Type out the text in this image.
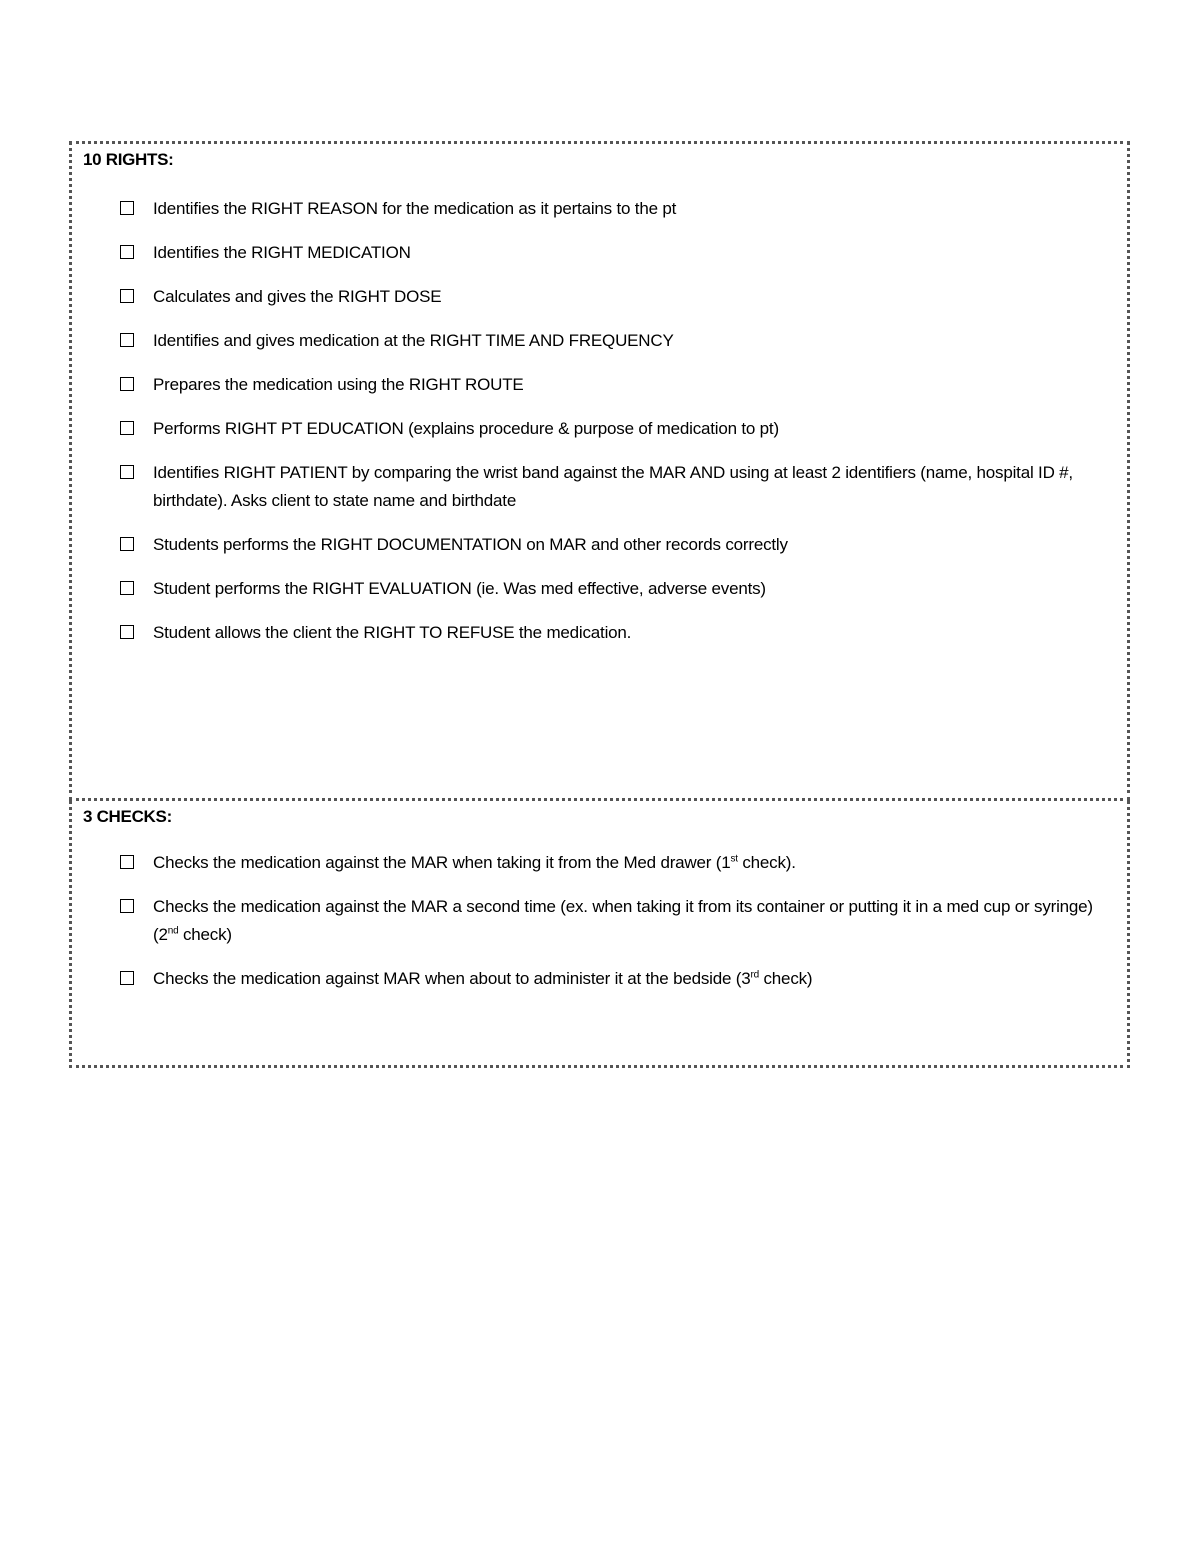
10 RIGHTS:
Identifies the RIGHT REASON for the medication as it pertains to the pt
Identifies the RIGHT MEDICATION
Calculates and gives the RIGHT DOSE
Identifies and gives medication at the RIGHT TIME AND FREQUENCY
Prepares the medication using the RIGHT ROUTE
Performs RIGHT PT EDUCATION (explains procedure & purpose of medication to pt)
Identifies RIGHT PATIENT by comparing the wrist band against the MAR AND using at least 2 identifiers (name, hospital ID #, birthdate). Asks client to state name and birthdate
Students performs the RIGHT DOCUMENTATION on MAR and other records correctly
Student performs the RIGHT EVALUATION (ie. Was med effective, adverse events)
Student allows the client the RIGHT TO REFUSE the medication.
3 CHECKS:
Checks the medication against the MAR when taking it from the Med drawer (1st check).
Checks the medication against the MAR a second time (ex. when taking it from its container or putting it in a med cup or syringe) (2nd check)
Checks the medication against MAR when about to administer it at the bedside (3rd check)
